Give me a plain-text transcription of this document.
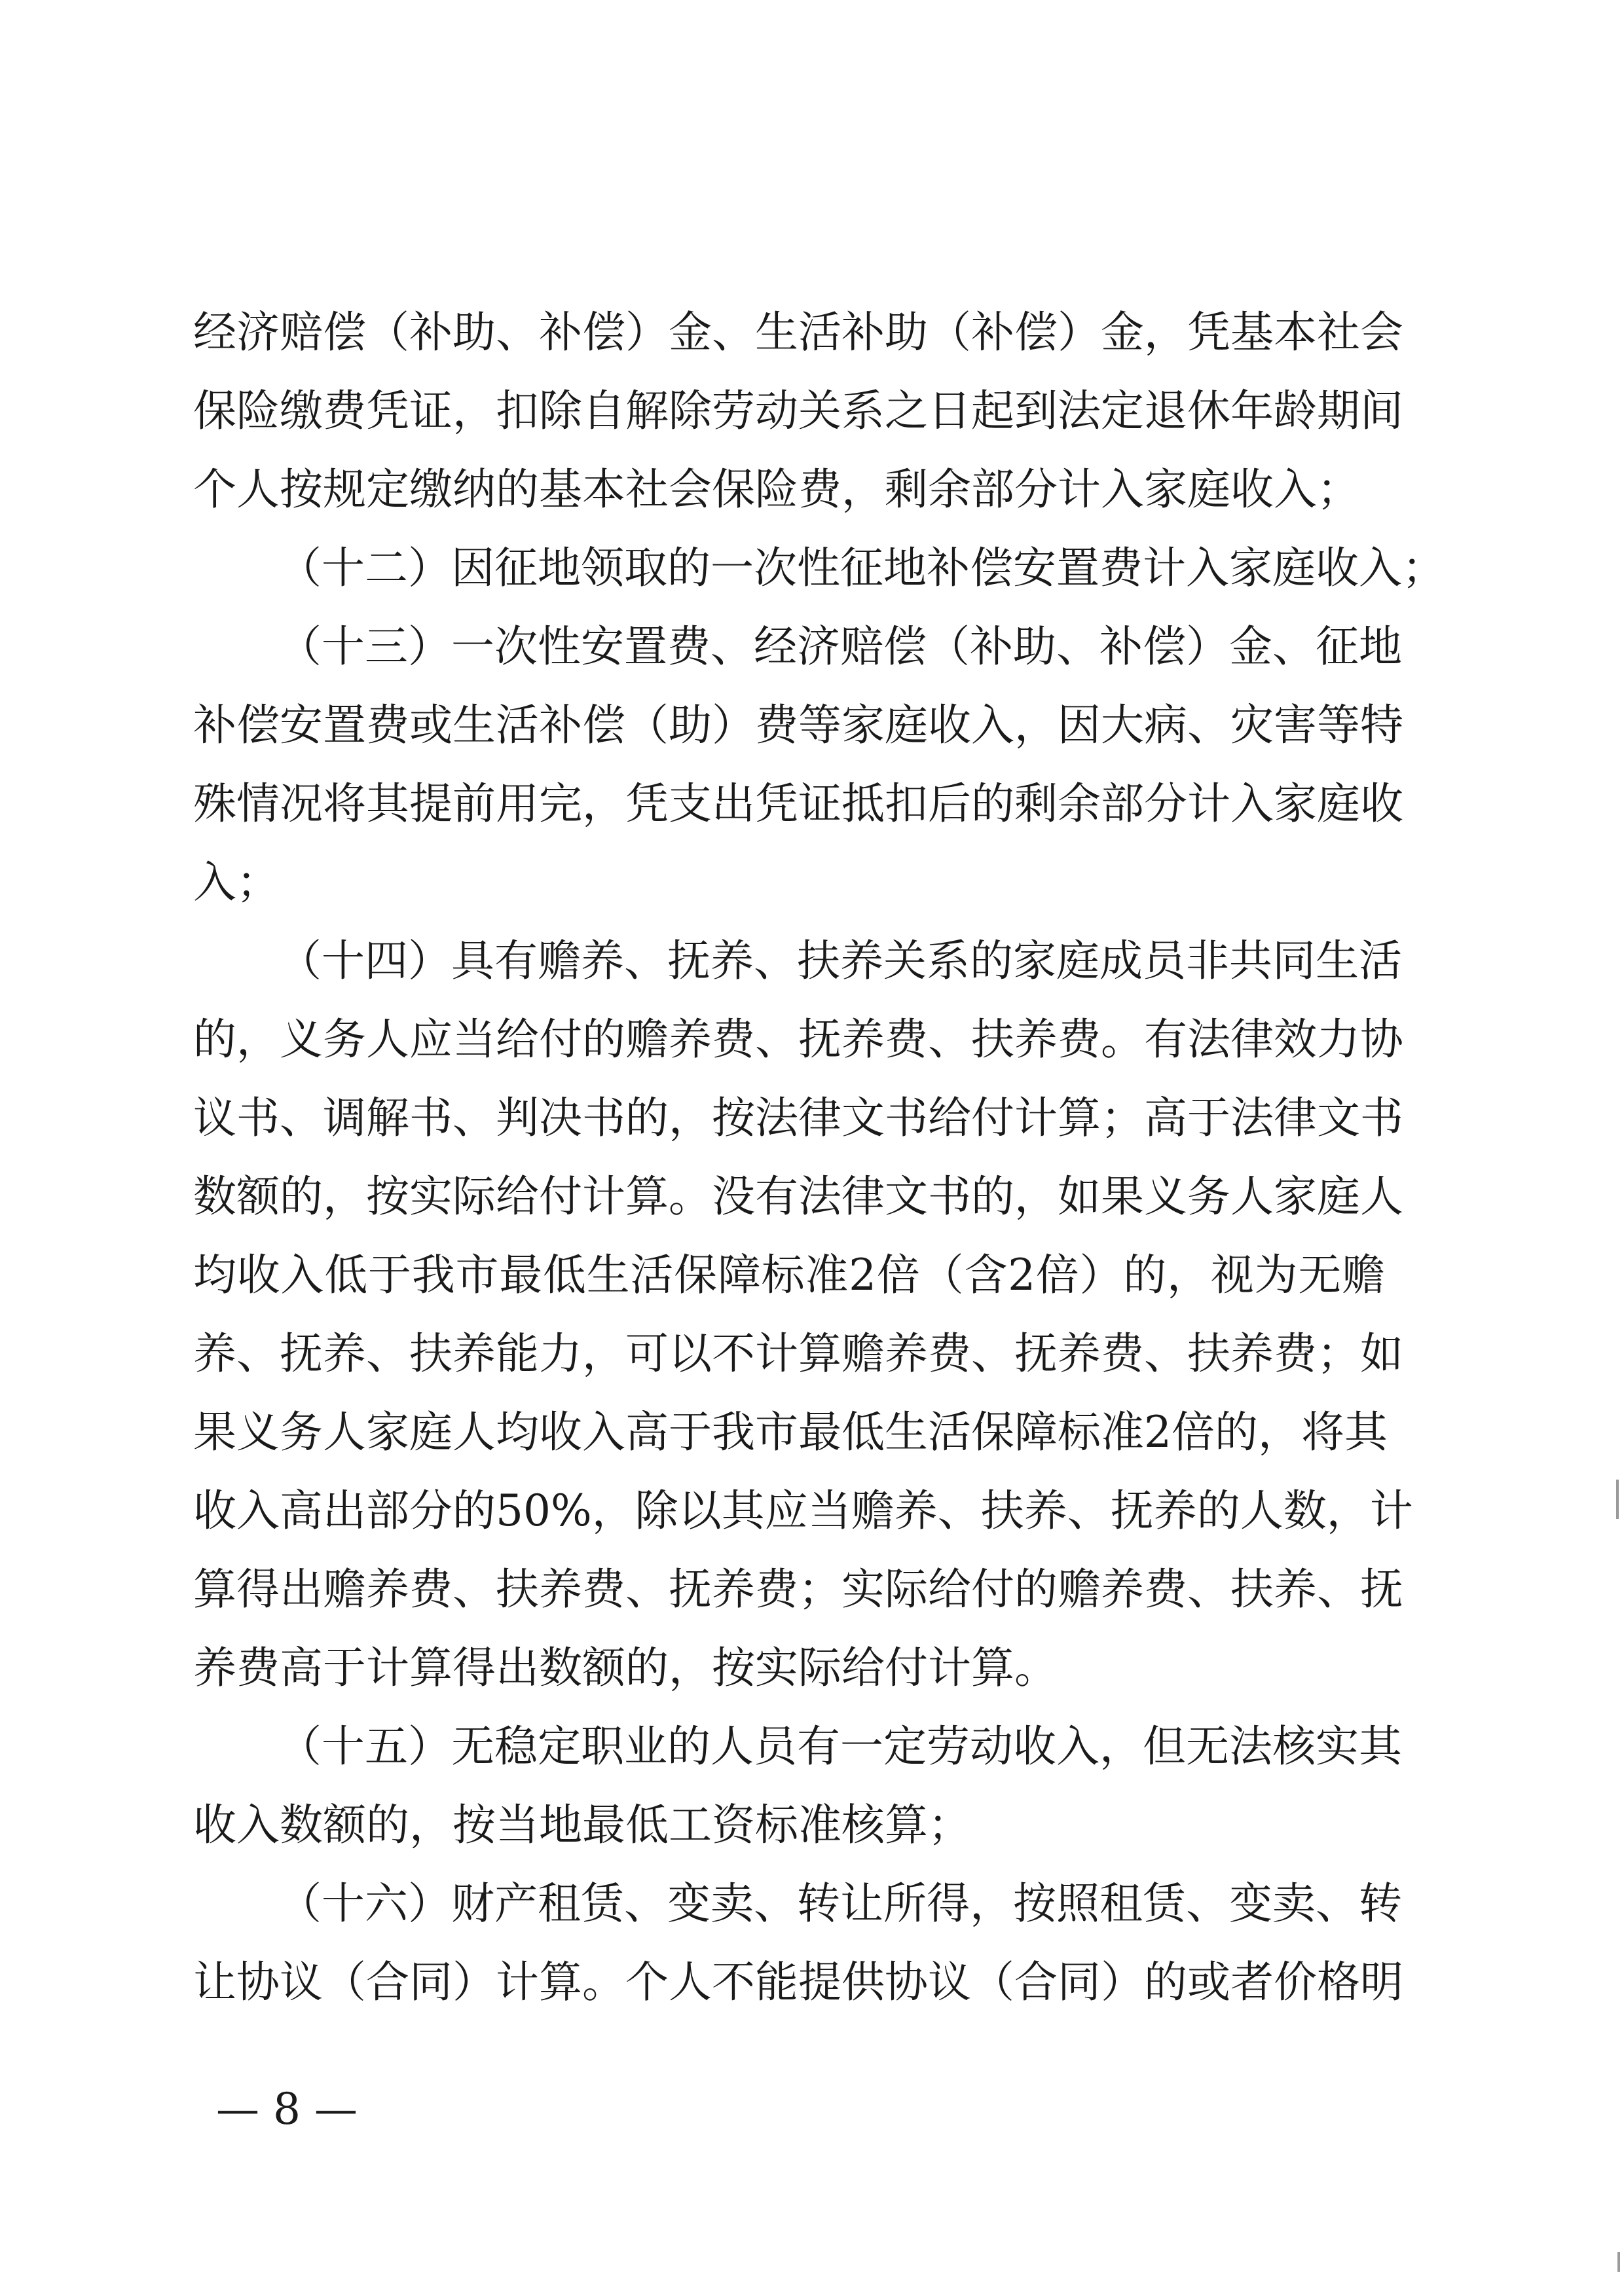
经济赔偿（补助、补偿）金、生活补助（补偿）金，凭基本社会
保险缴费凭证，扣除自解除劳动关系之日起到法定退休年龄期间
个人按规定缴纳的基本社会保险费，剩余部分计入家庭收入；
（十二）因征地领取的一次性征地补偿安置费计入家庭收入；
（十三）一次性安置费、经济赔偿（补助、补偿）金、征地
补偿安置费或生活补偿（助）费等家庭收入，因大病、灾害等特
殊情况将其提前用完，凭支出凭证抵扣后的剩余部分计入家庭收
入；
（十四）具有赡养、抚养、扶养关系的家庭成员非共同生活
的，义务人应当给付的赡养费、抚养费、扶养费。有法律效力协
议书、调解书、判决书的，按法律文书给付计算；高于法律文书
数额的，按实际给付计算。没有法律文书的，如果义务人家庭人
均收入低于我市最低生活保障标准2倍（含2倍）的，视为无赡
养、抚养、扶养能力，可以不计算赡养费、抚养费、扶养费；如
果义务人家庭人均收入高于我市最低生活保障标准2倍的，将其
收入高出部分的50%，除以其应当赡养、扶养、抚养的人数，计
算得出赡养费、扶养费、抚养费；实际给付的赡养费、扶养、抚
养费高于计算得出数额的，按实际给付计算。
（十五）无稳定职业的人员有一定劳动收入，但无法核实其
收入数额的，按当地最低工资标准核算；
（十六）财产租赁、变卖、转让所得，按照租赁、变卖、转
让协议（合同）计算。个人不能提供协议（合同）的或者价格明
— 8 —
